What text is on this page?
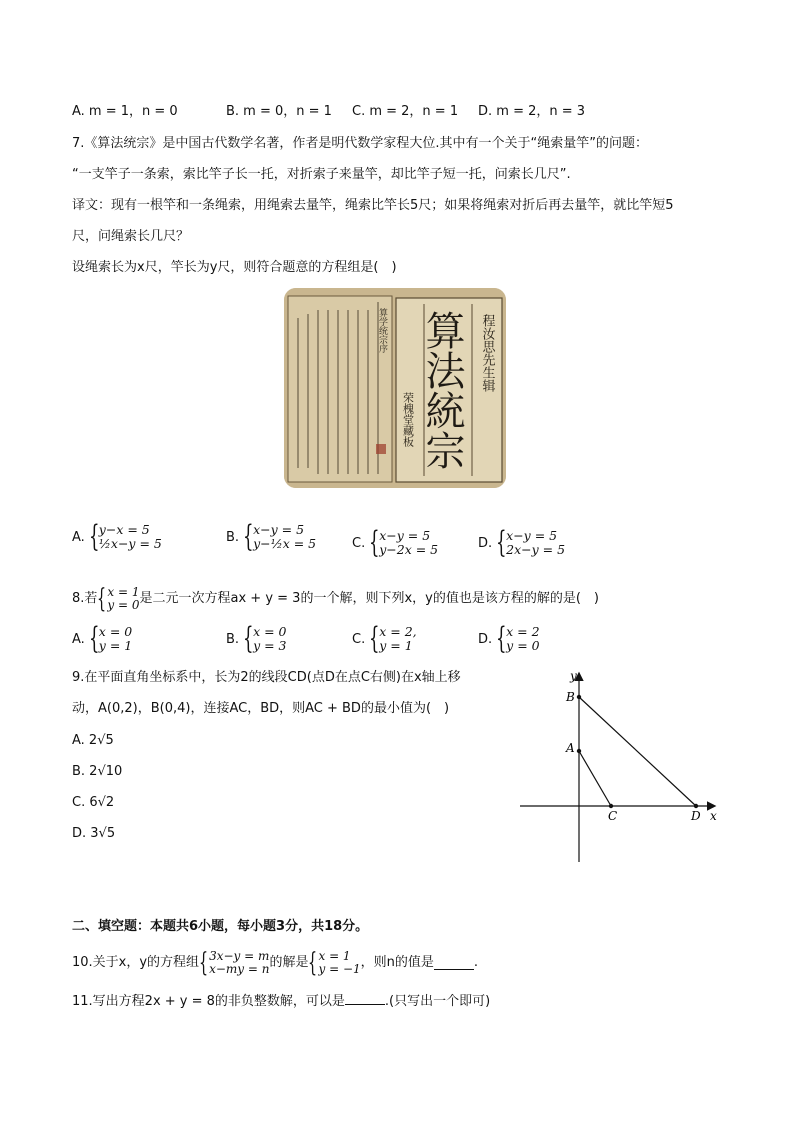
A. m = 1，n = 0	B. m = 0，n = 1 C. m = 2，n = 1 D. m = 2，n = 3
7.《算法统宗》是中国古代数学名著，作者是明代数学家程大位.其中有一个关于“绳索量竿”的问题：
“一支竿子一条索，索比竿子长一托，对折索子来量竿，却比竿子短一托，问索长几尺”.
译文：现有一根竿和一条绳索，用绳索去量竿，绳索比竿长5尺；如果将绳索对折后再去量竿，就比竿短5
尺，问绳索长几尺？
设绳索长为x尺，竿长为y尺，则符合题意的方程组是(　)
算法統宗 程汝思先生辑
荣槐堂藏板
算学统宗序
A. { y−x = 5
½x−y = 5	B. { x−y = 5
y−½x = 5	C. { x−y = 5
y−2x = 5	D. { x−y = 5
2x−y = 5
8.若 { x = 1
y = 0 是二元一次方程ax + y = 3的一个解，则下列x，y的值也是该方程的解的是(　)
A. { x = 0
y = 1	B. { x = 0
y = 3	C. { x = 2,
y = 1	D. { x = 2
y = 0
9.在平面直角坐标系中，长为2的线段CD(点D在点C右侧)在x轴上移
动，A(0,2)，B(0,4)，连接AC，BD，则AC + BD的最小值为(　)
A. 2√5
B. 2√10
C. 6√2
D. 3√5
y
x
B
A
C	D
二、填空题：本题共6小题，每小题3分，共18分。
10.关于x，y的方程组 { 3x−y = m
x−my = n 的解是 { x = 1
y = −1 ，则n的值是	.
11.写出方程2x + y = 8的非负整数解，可以是	.(只写出一个即可)
